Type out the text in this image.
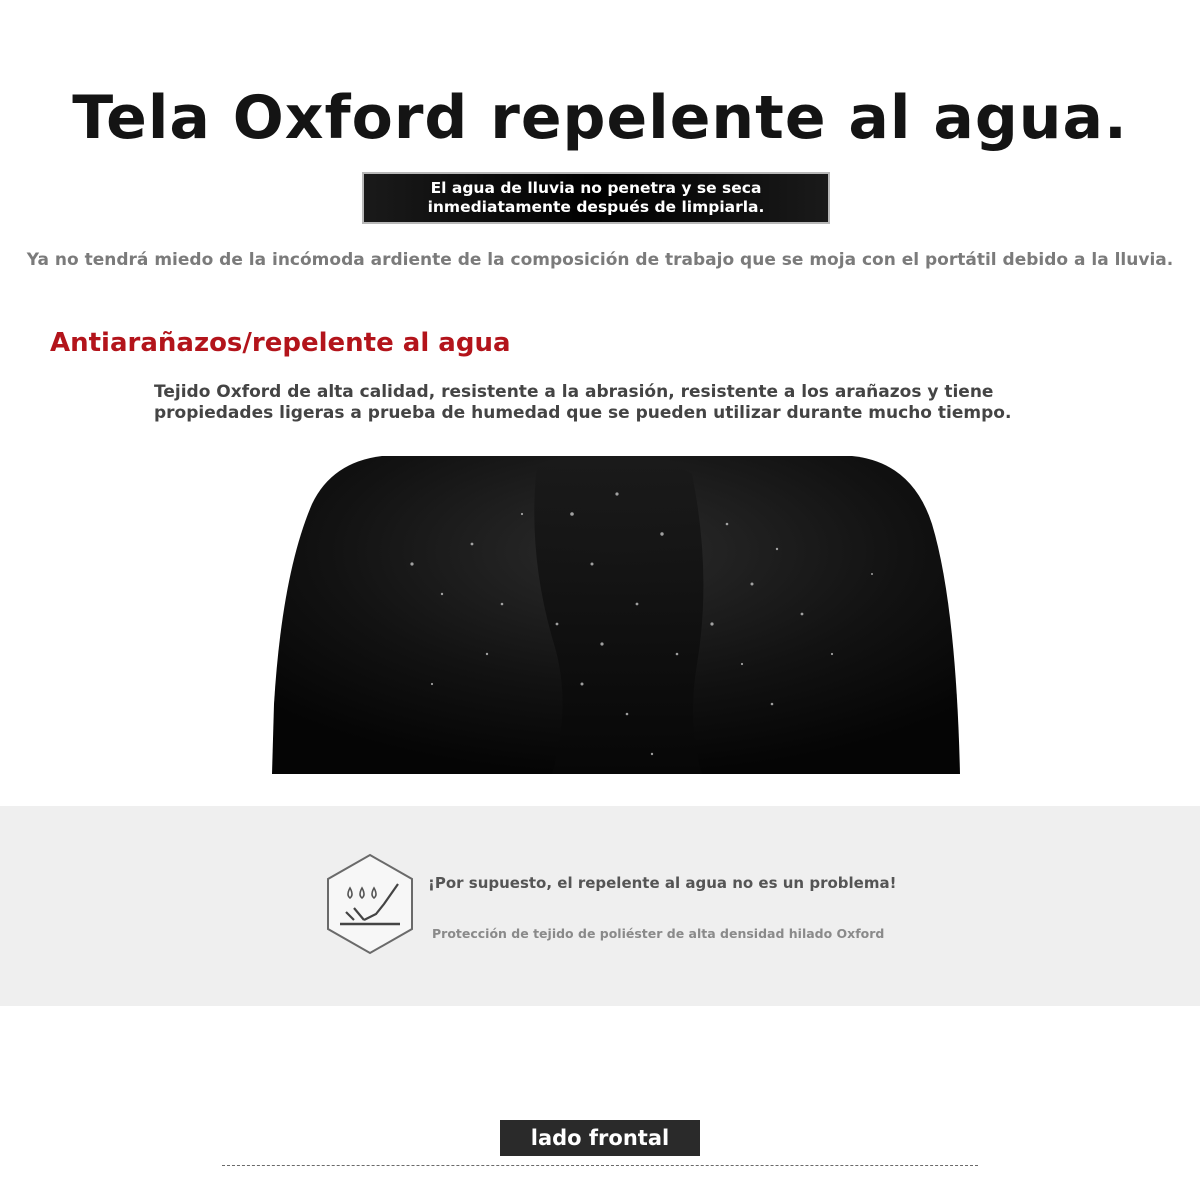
Tela Oxford repelente al agua.
El agua de lluvia no penetra y se seca
inmediatamente después de limpiarla.
Ya no tendrá miedo de la incómoda ardiente de la composición de trabajo que se moja con el portátil debido a la lluvia.
Antiarañazos/repelente al agua
Tejido Oxford de alta calidad, resistente a la abrasión, resistente a los arañazos y tiene
propiedades ligeras a prueba de humedad que se pueden utilizar durante mucho tiempo.
¡Por supuesto, el repelente al agua no es un problema!
Protección de tejido de poliéster de alta densidad hilado Oxford
lado frontal
